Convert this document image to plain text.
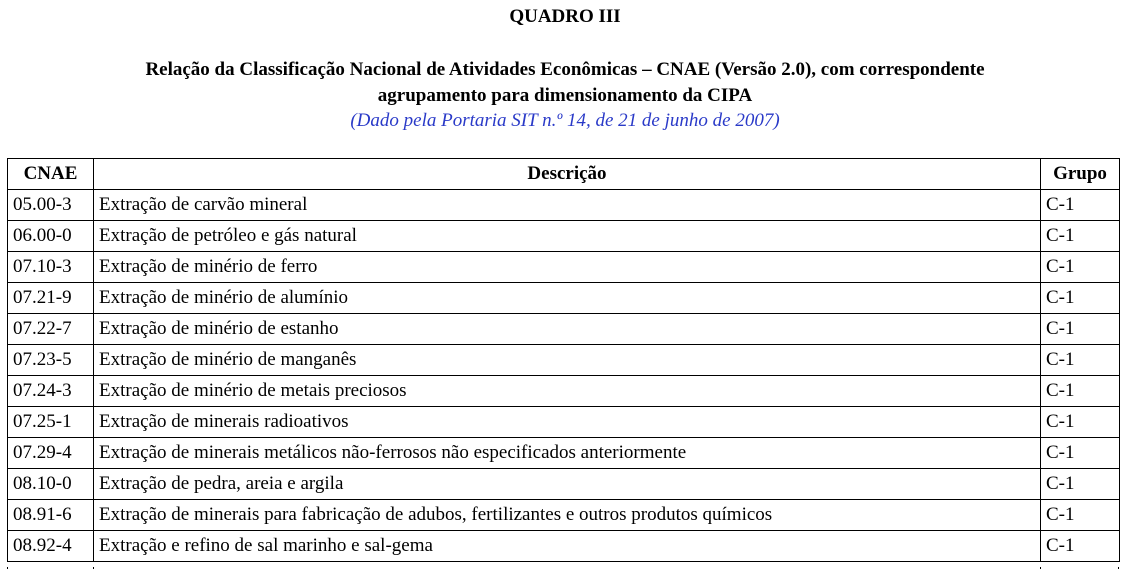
QUADRO III
Relação da Classificação Nacional de Atividades Econômicas – CNAE (Versão 2.0), com correspondente
agrupamento para dimensionamento da CIPA
(Dado pela Portaria SIT n.º 14, de 21 de junho de 2007)
CNAE	Descrição	Grupo
05.00-3	Extração de carvão mineral	C-1
06.00-0	Extração de petróleo e gás natural	C-1
07.10-3	Extração de minério de ferro	C-1
07.21-9	Extração de minério de alumínio	C-1
07.22-7	Extração de minério de estanho	C-1
07.23-5	Extração de minério de manganês	C-1
07.24-3	Extração de minério de metais preciosos	C-1
07.25-1	Extração de minerais radioativos	C-1
07.29-4	Extração de minerais metálicos não-ferrosos não especificados anteriormente	C-1
08.10-0	Extração de pedra, areia e argila	C-1
08.91-6	Extração de minerais para fabricação de adubos, fertilizantes e outros produtos químicos	C-1
08.92-4	Extração e refino de sal marinho e sal-gema	C-1
